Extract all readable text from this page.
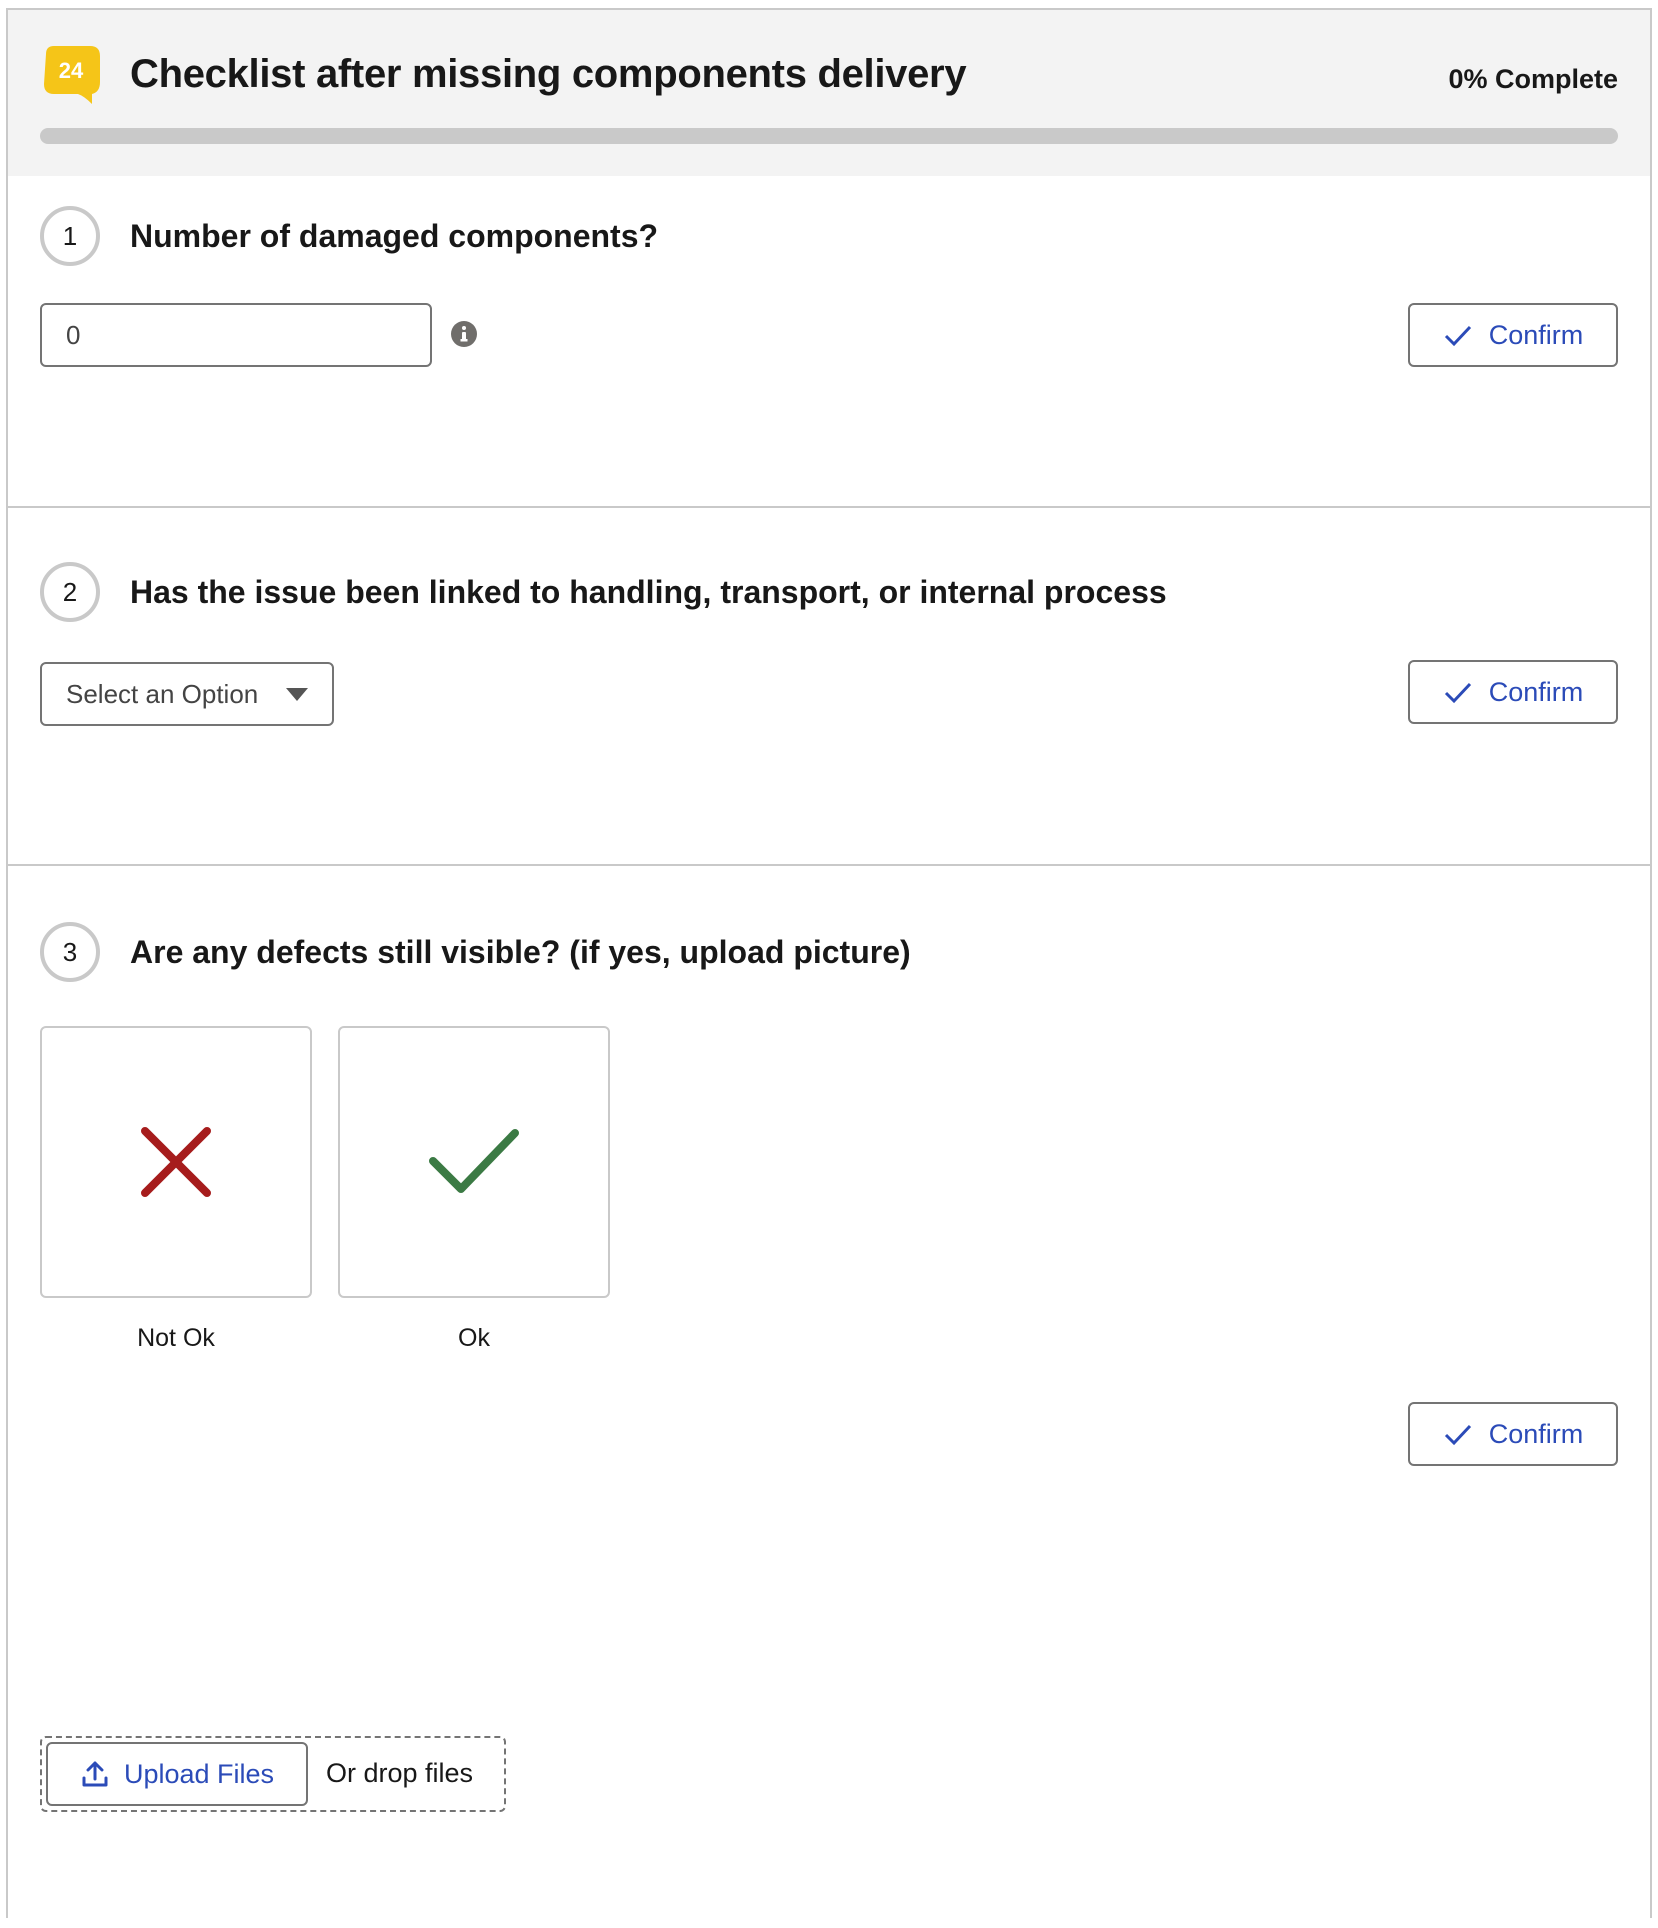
24 Checklist after missing components delivery	0% Complete
1	Number of damaged components?
0
Confirm
2	Has the issue been linked to handling, transport, or internal process
Select an Option	Confirm
3	Are any defects still visible? (if yes, upload picture)
Not Ok	Ok
Confirm
Upload Files Or drop files
